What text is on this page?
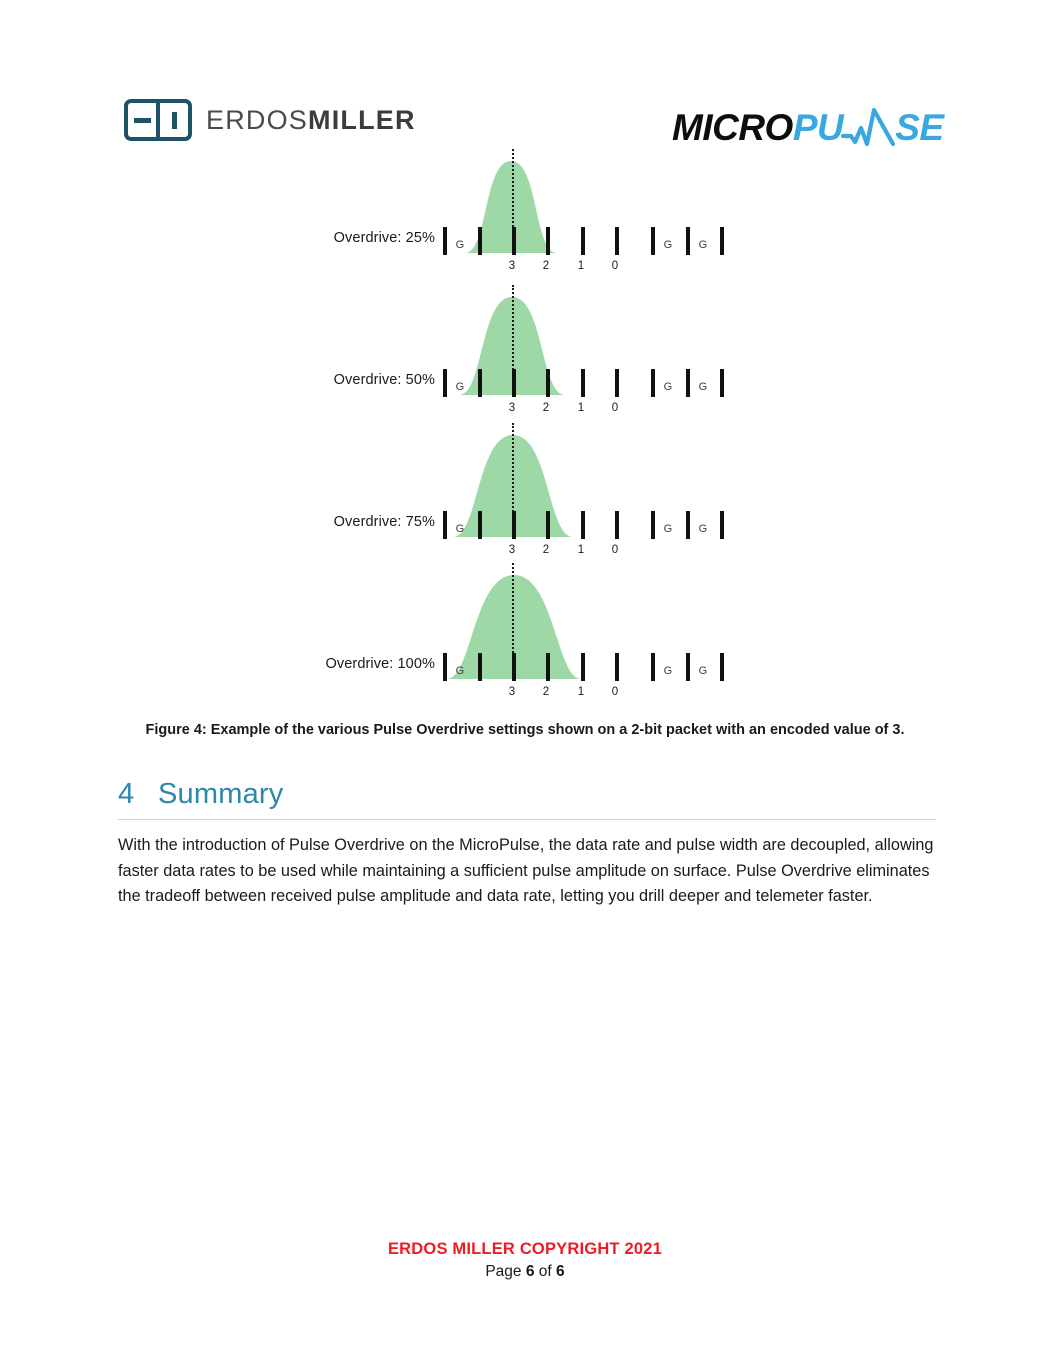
ERDOSMILLER	MICRO PU SE
Overdrive: 25% G	G G
3 2 1 0
Overdrive: 50% G	G G
3 2 1 0
Overdrive: 75% G	G G
3 2 1 0
Overdrive: 100% G	G G
3 2 1 0
Figure 4: Example of the various Pulse Overdrive settings shown on a 2-bit packet with an encoded value of 3.
4 Summary
With the introduction of Pulse Overdrive on the MicroPulse, the data rate and pulse width are decoupled, allowing faster data rates to be used while maintaining a sufficient pulse amplitude on surface. Pulse Overdrive eliminates the tradeoff between received pulse amplitude and data rate, letting you drill deeper and telemeter faster.
ERDOS MILLER COPYRIGHT 2021
Page 6 of 6
